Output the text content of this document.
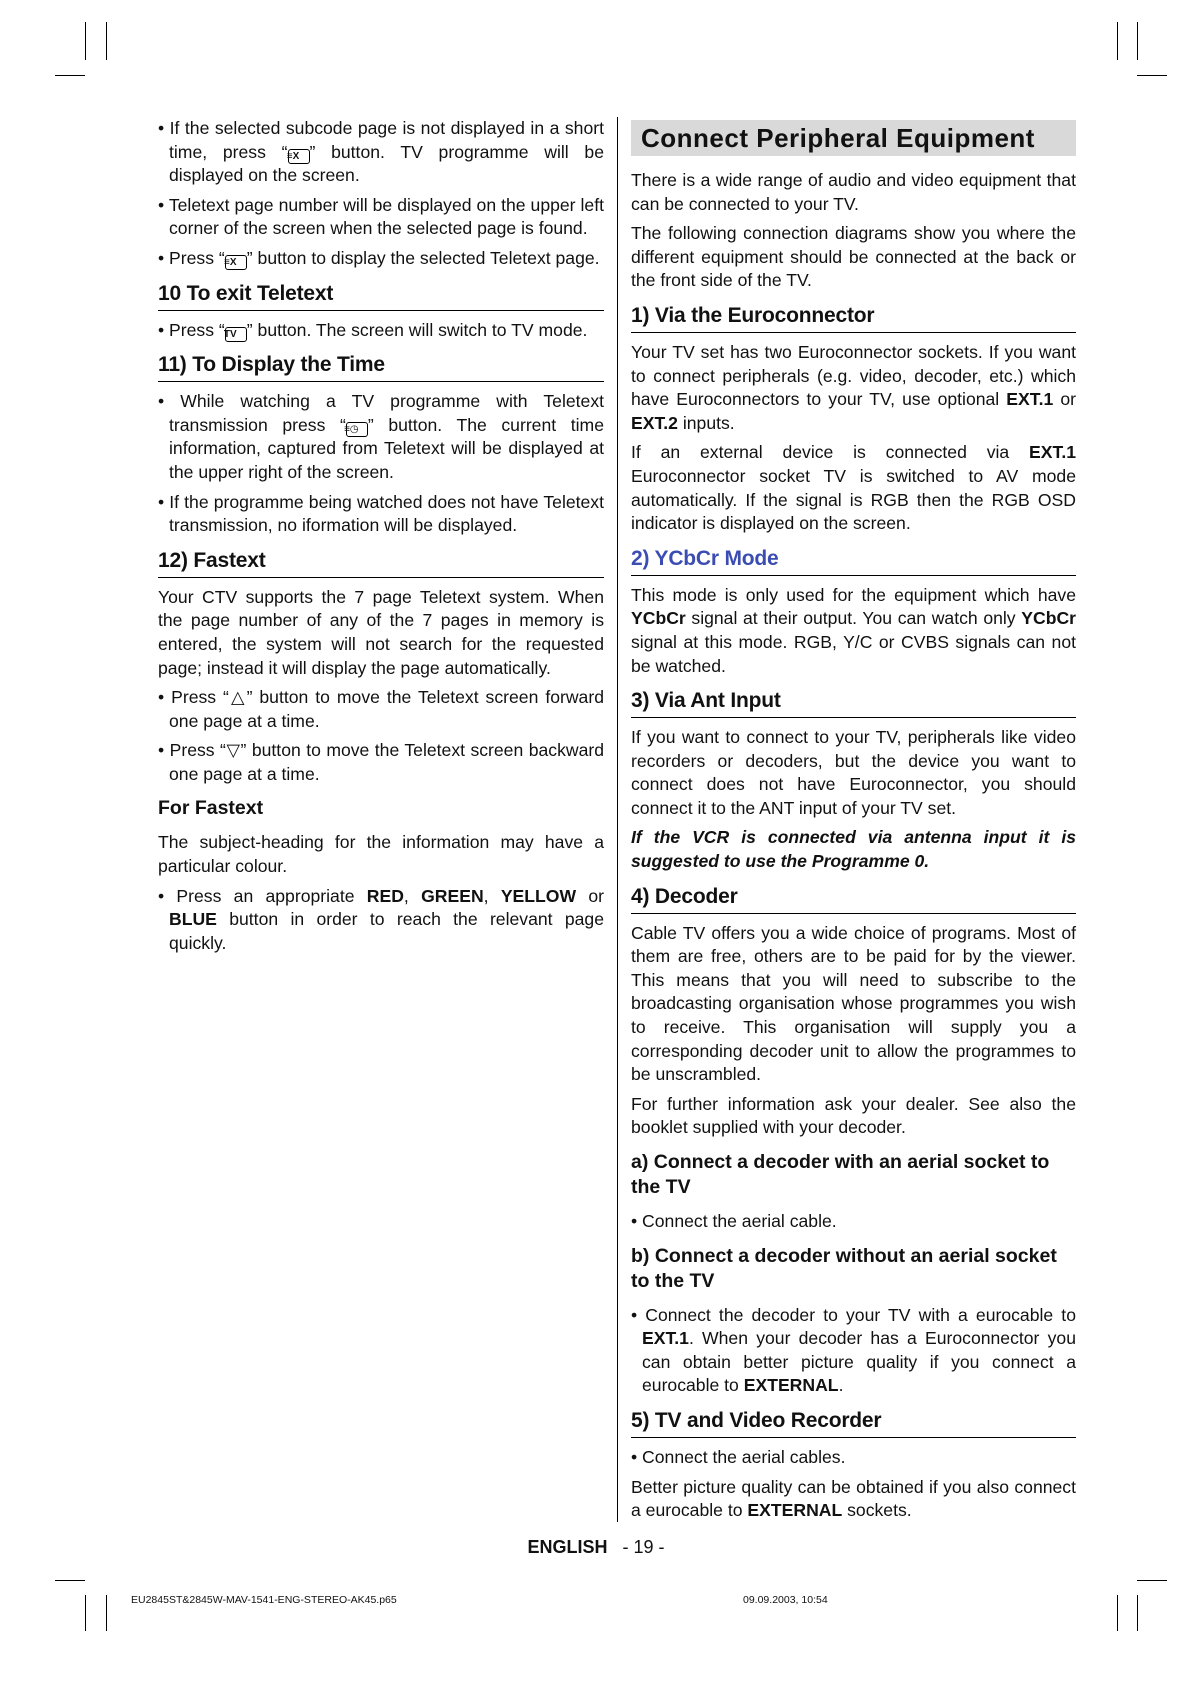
• If the selected subcode page is not displayed in a short time, press “≡X ” button. TV programme will be displayed on the screen.

• Teletext page number will be displayed on the upper left corner of the screen when the selected page is found.

• Press “≡X ” button to display the selected Teletext page.

10 To exit Teletext

• Press “TV ” button. The screen will switch to TV mode.

11) To Display the Time

• While watching a TV programme with Teletext transmission press “≡◷ ” button. The current time information, captured from Teletext will be displayed at the upper right of the screen.

• If the programme being watched does not have Teletext transmission, no iformation will be displayed.

12) Fastext

Your CTV supports the 7 page Teletext system. When the page number of any of the 7 pages in memory is entered, the system will not search for the requested page; instead it will display the page automatically.

• Press “△” button to move the Teletext screen forward one page at a time.

• Press “▽” button to move the Teletext screen backward one page at a time.

For Fastext

The subject-heading for the information may have a particular colour.

• Press an appropriate RED, GREEN, YELLOW or BLUE button in order to reach the relevant page quickly.

Connect Peripheral Equipment

There is a wide range of audio and video equipment that can be connected to your TV.

The following connection diagrams show you where the different equipment should be connected at the back or the front side of the TV.

1) Via the Euroconnector

Your TV set has two Euroconnector sockets. If you want to connect peripherals (e.g. video, decoder, etc.) which have Euroconnectors to your TV, use optional EXT.1 or EXT.2 inputs.

If an external device is connected via EXT.1 Euroconnector socket TV is switched to AV mode automatically. If the signal is RGB then the RGB OSD indicator is displayed on the screen.

2) YCbCr Mode

This mode is only used for the equipment which have YCbCr signal at their output. You can watch only YCbCr signal at this mode. RGB, Y/C or CVBS signals can not be watched.

3) Via Ant Input

If you want to connect to your TV, peripherals like video recorders or decoders, but the device you want to connect does not have Euroconnector, you should connect it to the ANT input of your TV set.

If the VCR is connected via antenna input it is suggested to use the Programme 0.

4) Decoder

Cable TV offers you a wide choice of programs. Most of them are free, others are to be paid for by the viewer. This means that you will need to subscribe to the broadcasting organisation whose programmes you wish to receive. This organisation will supply you a corresponding decoder unit to allow the programmes to be unscrambled.

For further information ask your dealer. See also the booklet supplied with your decoder.

a) Connect a decoder with an aerial socket to the TV

• Connect the aerial cable.

b) Connect a decoder without an aerial socket to the TV

• Connect the decoder to your TV with a eurocable to EXT.1. When your decoder has a Euroconnector you can obtain better picture quality if you connect a eurocable to EXTERNAL.

5) TV and Video Recorder

• Connect the aerial cables.

Better picture quality can be obtained if you also connect a eurocable to EXTERNAL sockets.

ENGLISH - 19 -
EU2845ST&2845W-MAV-1541-ENG-STEREO-AK45.p65	09.09.2003, 10:54
